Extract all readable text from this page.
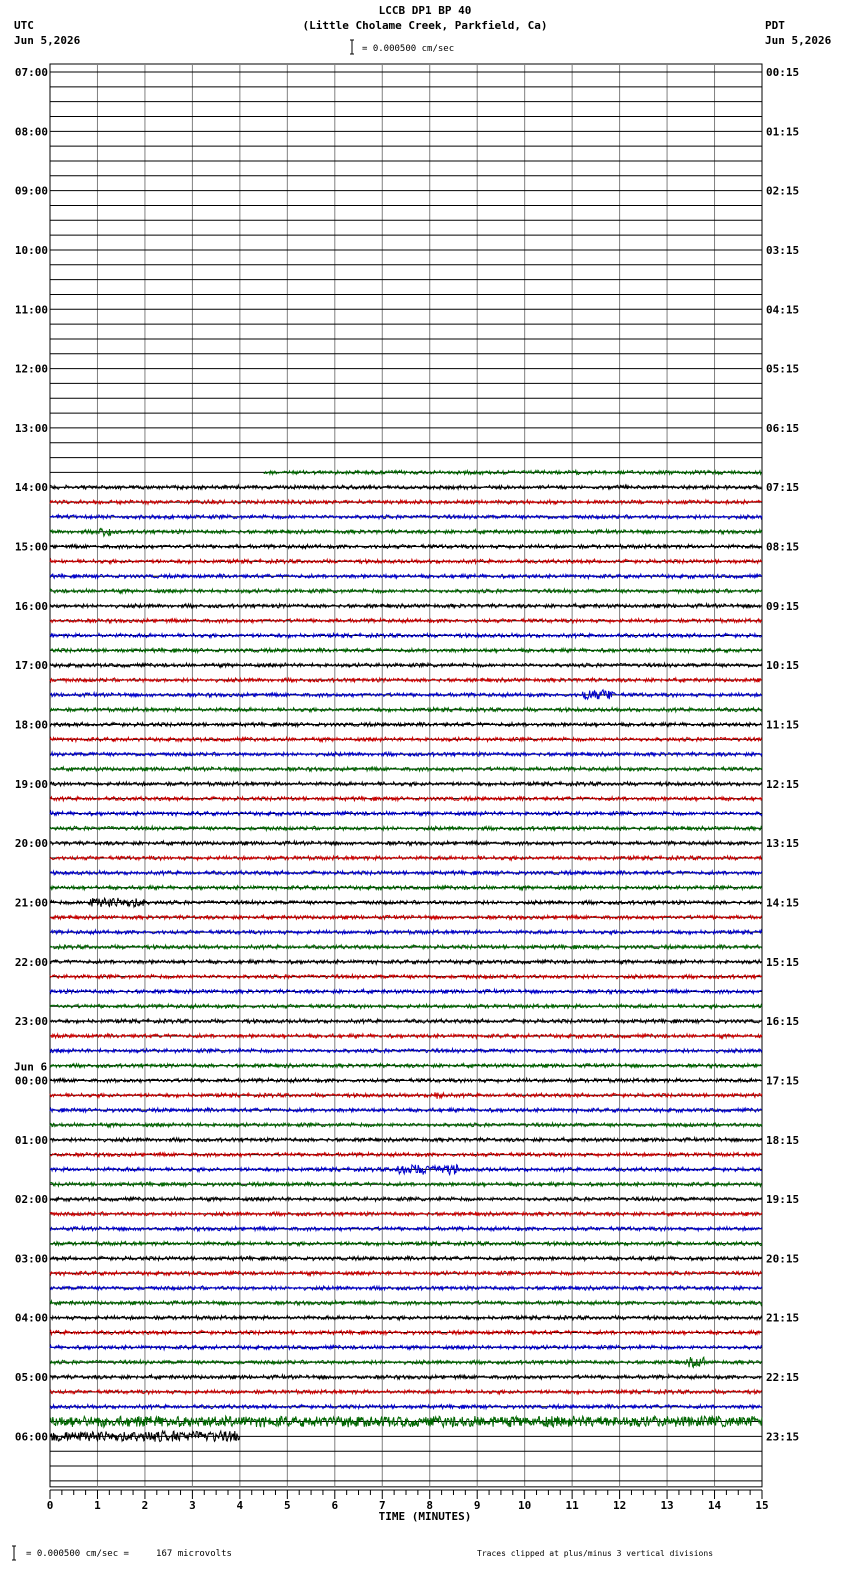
LCCB DP1 BP 40
(Little Cholame Creek, Parkfield, Ca)
= 0.000500 cm/sec
UTC
Jun 5,2026
PDT
Jun 5,2026
0	1	2	3	4	5	6	7	8	9	10	11	12	13	14	15
07:00
08:00
09:00
10:00
11:00
12:00
13:00
14:00
15:00
16:00
17:00
18:00
19:00
20:00
21:00
22:00
23:00
00:00
01:00
02:00
03:00
04:00
05:00
06:00
00:15
01:15
02:15
03:15
04:15
05:15
06:15
07:15
08:15
09:15
10:15
11:15
12:15
13:15
14:15
15:15
16:15
17:15
18:15
19:15
20:15
21:15
22:15
23:15
Jun 6
TIME (MINUTES)
= 0.000500 cm/sec =     167 microvolts	Traces clipped at plus/minus 3 vertical divisions
